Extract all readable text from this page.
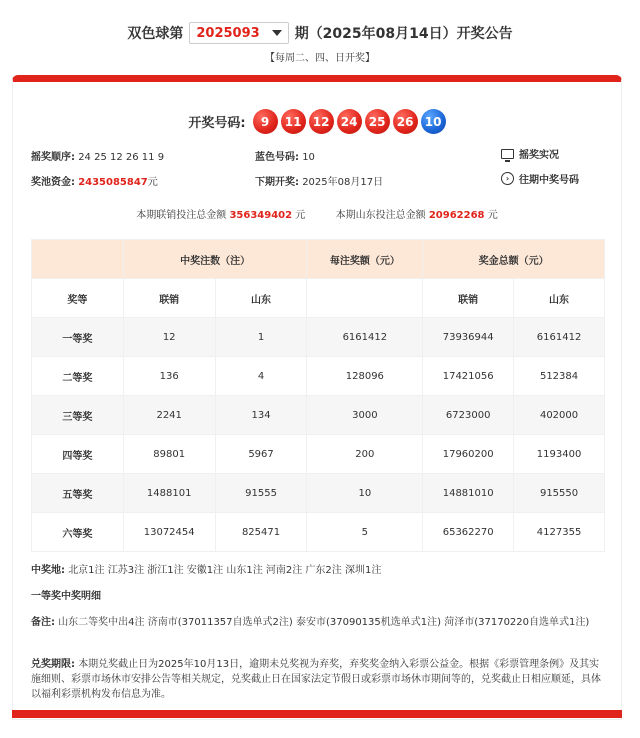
双色球第 2025093	期（2025年08月14日）开奖公告
【每周二、四、日开奖】
开奖号码:	9	11 12 24 25 26 10
摇奖顺序: 24 25 12 26 11 9	蓝色号码: 10	摇奖实况
奖池资金: 2435085847元	下期开奖: 2025年08月17日	› 往期中奖号码
本期联销投注总金额 356349402 元	本期山东投注总金额 20962268 元
	中奖注数（注）		每注奖额（元）	奖金总额（元）	
奖等	联销	山东		联销	山东
一等奖	12	1	6161412	73936944	6161412
二等奖	136	4	128096	17421056	512384
三等奖	2241	134	3000	6723000	402000
四等奖	89801	5967	200	17960200	1193400
五等奖	1488101	91555	10	14881010	915550
六等奖	13072454	825471	5	65362270	4127355
中奖地: 北京1注 江苏3注 浙江1注 安徽1注 山东1注 河南2注 广东2注 深圳1注
一等奖中奖明细
备注: 山东二等奖中出4注 济南市(37011357自选单式2注) 泰安市(37090135机选单式1注) 菏泽市(37170220自选单式1注)
兑奖期限: 本期兑奖截止日为2025年10月13日，逾期未兑奖视为弃奖，弃奖奖金纳入彩票公益金。根据《彩票管理条例》及其实施细则、彩票市场休市安排公告等相关规定，兑奖截止日在国家法定节假日或彩票市场休市期间等的，兑奖截止日相应顺延，具体以福利彩票机构发布信息为准。
